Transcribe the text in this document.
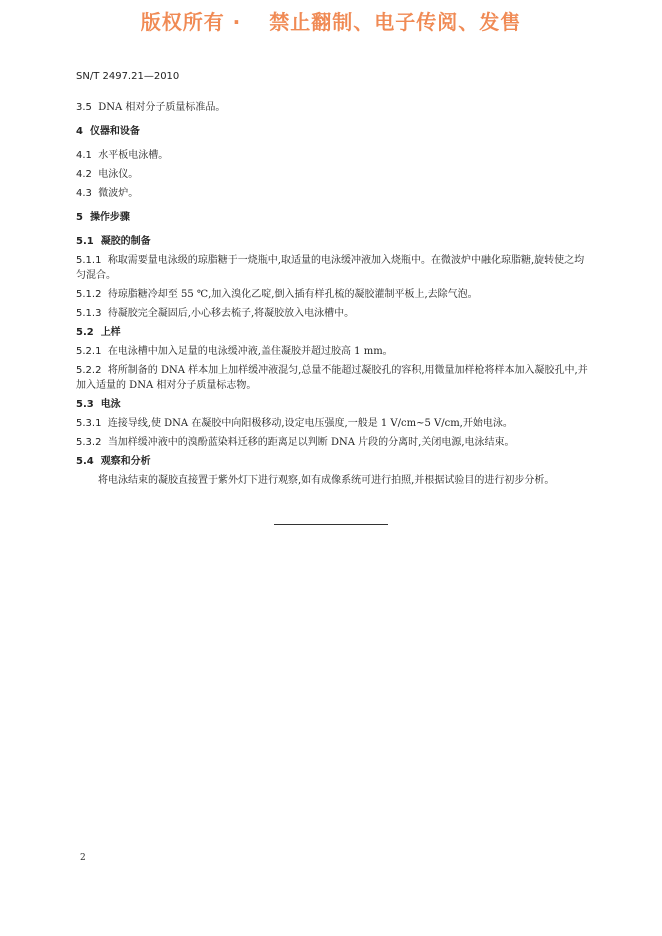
版权所有 · 禁止翻制、电子传阅、发售
SN/T 2497.21—2010
3.5 DNA 相对分子质量标准品。
4 仪器和设备
4.1 水平板电泳槽。
4.2 电泳仪。
4.3 微波炉。
5 操作步骤
5.1 凝胶的制备
5.1.1 称取需要量电泳级的琼脂糖于一烧瓶中,取适量的电泳缓冲液加入烧瓶中。在微波炉中融化琼脂糖,旋转使之均匀混合。
5.1.2 待琼脂糖冷却至 55 ℃,加入溴化乙啶,倒入插有样孔梳的凝胶灌制平板上,去除气泡。
5.1.3 待凝胶完全凝固后,小心移去梳子,将凝胶放入电泳槽中。
5.2 上样
5.2.1 在电泳槽中加入足量的电泳缓冲液,盖住凝胶并超过胶高 1 mm。
5.2.2 将所制备的 DNA 样本加上加样缓冲液混匀,总量不能超过凝胶孔的容积,用微量加样枪将样本加入凝胶孔中,并加入适量的 DNA 相对分子质量标志物。
5.3 电泳
5.3.1 连接导线,使 DNA 在凝胶中向阳极移动,设定电压强度,一般是 1 V/cm~5 V/cm,开始电泳。
5.3.2 当加样缓冲液中的溴酚蓝染料迁移的距离足以判断 DNA 片段的分离时,关闭电源,电泳结束。
5.4 观察和分析
将电泳结束的凝胶直接置于紫外灯下进行观察,如有成像系统可进行拍照,并根据试验目的进行初步分析。
2
